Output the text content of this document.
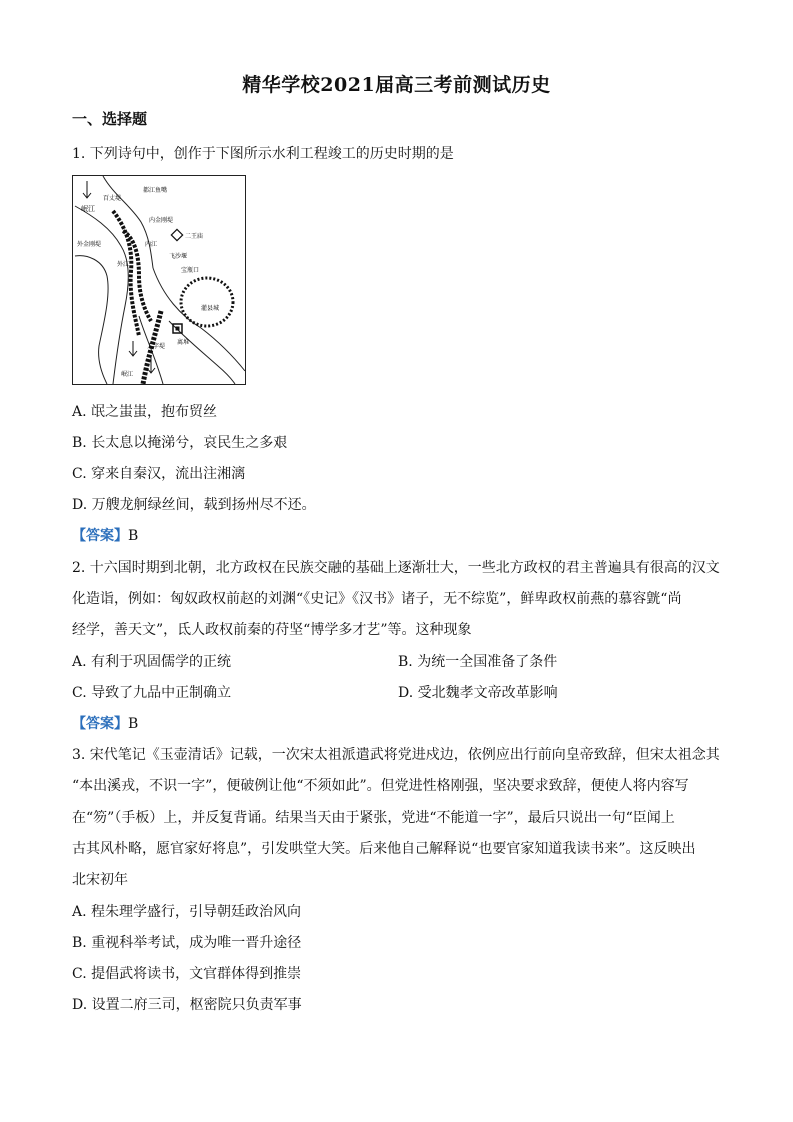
精华学校2021届高三考前测试历史
一、选择题
1. 下列诗句中，创作于下图所示水利工程竣工的历史时期的是
岷江
百丈堤
都江鱼嘴
内金刚堤
二王庙
外金刚堤	内江
飞沙堰
宝瓶口
外江
灌县城
人字堤
离堆
岷江
A. 氓之蚩蚩，抱布贸丝
B. 长太息以掩涕兮，哀民生之多艰
C. 穿来自秦汉，流出注湘漓
D. 万艘龙舸绿丝间，载到扬州尽不还。
【答案】B
2. 十六国时期到北朝，北方政权在民族交融的基础上逐渐壮大，一些北方政权的君主普遍具有很高的汉文
化造诣，例如：匈奴政权前赵的刘渊“《史记》《汉书》诸子，无不综览”，鲜卑政权前燕的慕容皝“尚
经学，善天文”，氐人政权前秦的苻坚“博学多才艺”等。这种现象
A. 有利于巩固儒学的正统	B. 为统一全国准备了条件
C. 导致了九品中正制确立	D. 受北魏孝文帝改革影响
【答案】B
3. 宋代笔记《玉壶清话》记载，一次宋太祖派遣武将党进戍边，依例应出行前向皇帝致辞，但宋太祖念其
“本出溪戎，不识一字”，便破例让他“不须如此”。但党进性格刚强，坚决要求致辞，便使人将内容写
在“笏”（手板）上，并反复背诵。结果当天由于紧张，党进“不能道一字”，最后只说出一句“臣闻上
古其风朴略，愿官家好将息”，引发哄堂大笑。后来他自己解释说“也要官家知道我读书来”。这反映出
北宋初年
A. 程朱理学盛行，引导朝廷政治风向
B. 重视科举考试，成为唯一晋升途径
C. 提倡武将读书，文官群体得到推崇
D. 设置二府三司，枢密院只负责军事
